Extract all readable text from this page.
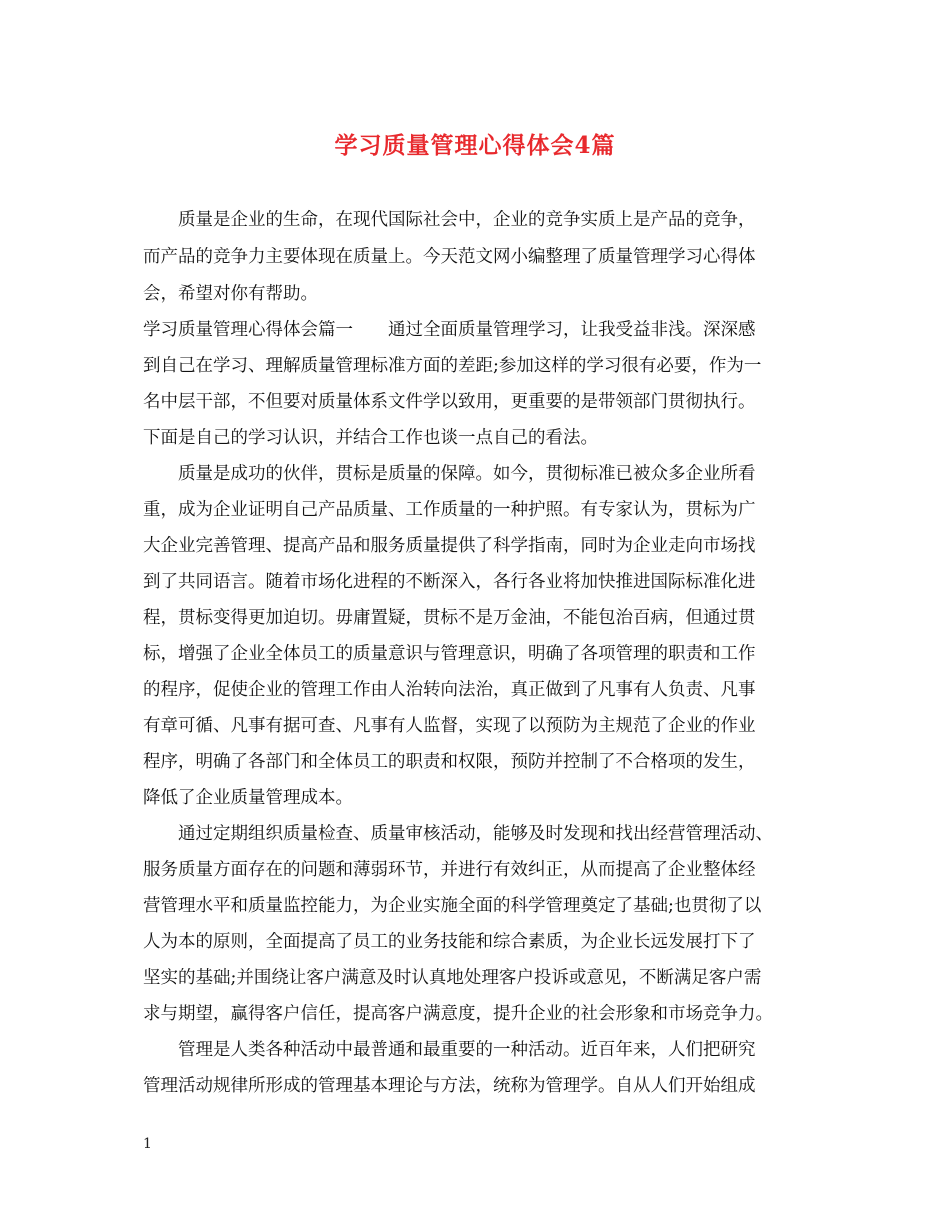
学习质量管理心得体会4篇
质量是企业的生命，在现代国际社会中，企业的竞争实质上是产品的竞争，
而产品的竞争力主要体现在质量上。今天范文网小编整理了质量管理学习心得体
会，希望对你有帮助。
学习质量管理心得体会篇一　　通过全面质量管理学习，让我受益非浅。深深感
到自己在学习、理解质量管理标准方面的差距;参加这样的学习很有必要，作为一
名中层干部，不但要对质量体系文件学以致用，更重要的是带领部门贯彻执行。
下面是自己的学习认识，并结合工作也谈一点自己的看法。
质量是成功的伙伴，贯标是质量的保障。如今，贯彻标准已被众多企业所看
重，成为企业证明自己产品质量、工作质量的一种护照。有专家认为，贯标为广
大企业完善管理、提高产品和服务质量提供了科学指南，同时为企业走向市场找
到了共同语言。随着市场化进程的不断深入，各行各业将加快推进国际标准化进
程，贯标变得更加迫切。毋庸置疑，贯标不是万金油，不能包治百病，但通过贯
标，增强了企业全体员工的质量意识与管理意识，明确了各项管理的职责和工作
的程序，促使企业的管理工作由人治转向法治，真正做到了凡事有人负责、凡事
有章可循、凡事有据可查、凡事有人监督，实现了以预防为主规范了企业的作业
程序，明确了各部门和全体员工的职责和权限，预防并控制了不合格项的发生，
降低了企业质量管理成本。
通过定期组织质量检查、质量审核活动，能够及时发现和找出经营管理活动、
服务质量方面存在的问题和薄弱环节，并进行有效纠正，从而提高了企业整体经
营管理水平和质量监控能力，为企业实施全面的科学管理奠定了基础;也贯彻了以
人为本的原则，全面提高了员工的业务技能和综合素质，为企业长远发展打下了
坚实的基础;并围绕让客户满意及时认真地处理客户投诉或意见，不断满足客户需
求与期望，赢得客户信任，提高客户满意度，提升企业的社会形象和市场竞争力。
管理是人类各种活动中最普通和最重要的一种活动。近百年来，人们把研究
管理活动规律所形成的管理基本理论与方法，统称为管理学。自从人们开始组成
1
